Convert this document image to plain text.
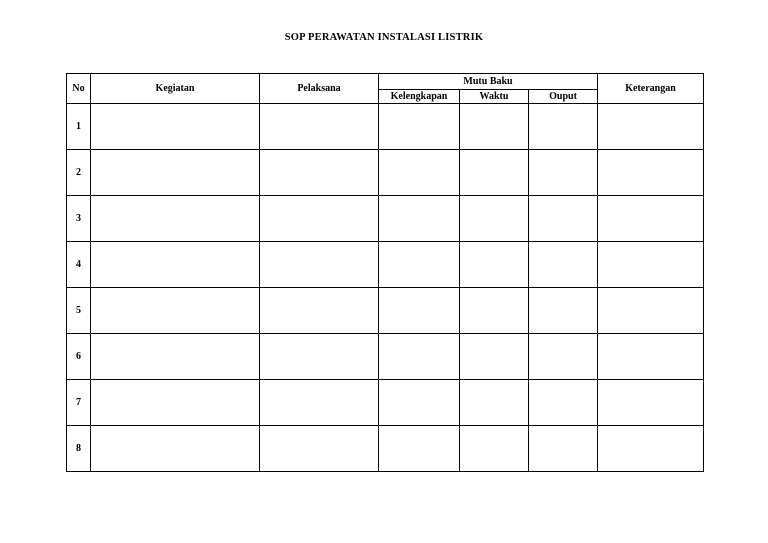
SOP PERAWATAN INSTALASI LISTRIK
No	Kegiatan	Pelaksana	Mutu Baku			Keterangan
			Kelengkapan	Waktu	Ouput	
1						
2						
3						
4						
5						
6						
7						
8						
